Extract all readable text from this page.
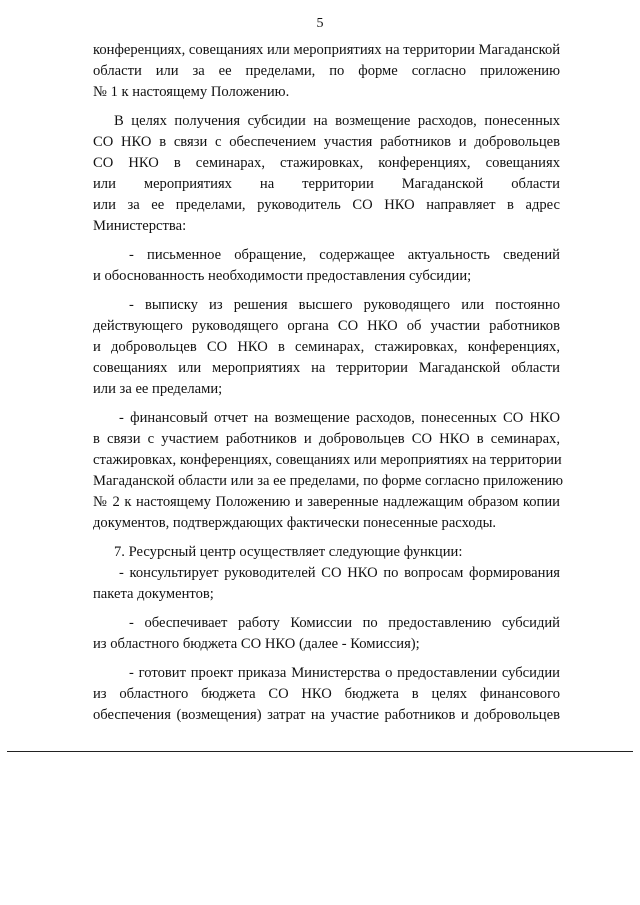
5
конференциях, совещаниях или мероприятиях на территории Магаданской
области или за ее пределами, по форме согласно приложению
№ 1 к настоящему Положению.
В целях получения субсидии на возмещение расходов, понесенных
СО НКО в связи с обеспечением участия работников и добровольцев
СО НКО в семинарах, стажировках, конференциях, совещаниях
или мероприятиях на территории Магаданской области
или за ее пределами, руководитель СО НКО направляет в адрес
Министерства:
- письменное обращение, содержащее актуальность сведений
и обоснованность необходимости предоставления субсидии;
- выписку из решения высшего руководящего или постоянно
действующего руководящего органа СО НКО об участии работников
и добровольцев СО НКО в семинарах, стажировках, конференциях,
совещаниях или мероприятиях на территории Магаданской области
или за ее пределами;
- финансовый отчет на возмещение расходов, понесенных СО НКО
в связи с участием работников и добровольцев СО НКО в семинарах,
стажировках, конференциях, совещаниях или мероприятиях на территории
Магаданской области или за ее пределами, по форме согласно приложению
№ 2 к настоящему Положению и заверенные надлежащим образом копии
документов, подтверждающих фактически понесенные расходы.
7. Ресурсный центр осуществляет следующие функции:
- консультирует руководителей СО НКО по вопросам формирования
пакета документов;
- обеспечивает работу Комиссии по предоставлению субсидий
из областного бюджета СО НКО (далее - Комиссия);
- готовит проект приказа Министерства о предоставлении субсидии
из областного бюджета СО НКО бюджета в целях финансового
обеспечения (возмещения) затрат на участие работников и добровольцев
